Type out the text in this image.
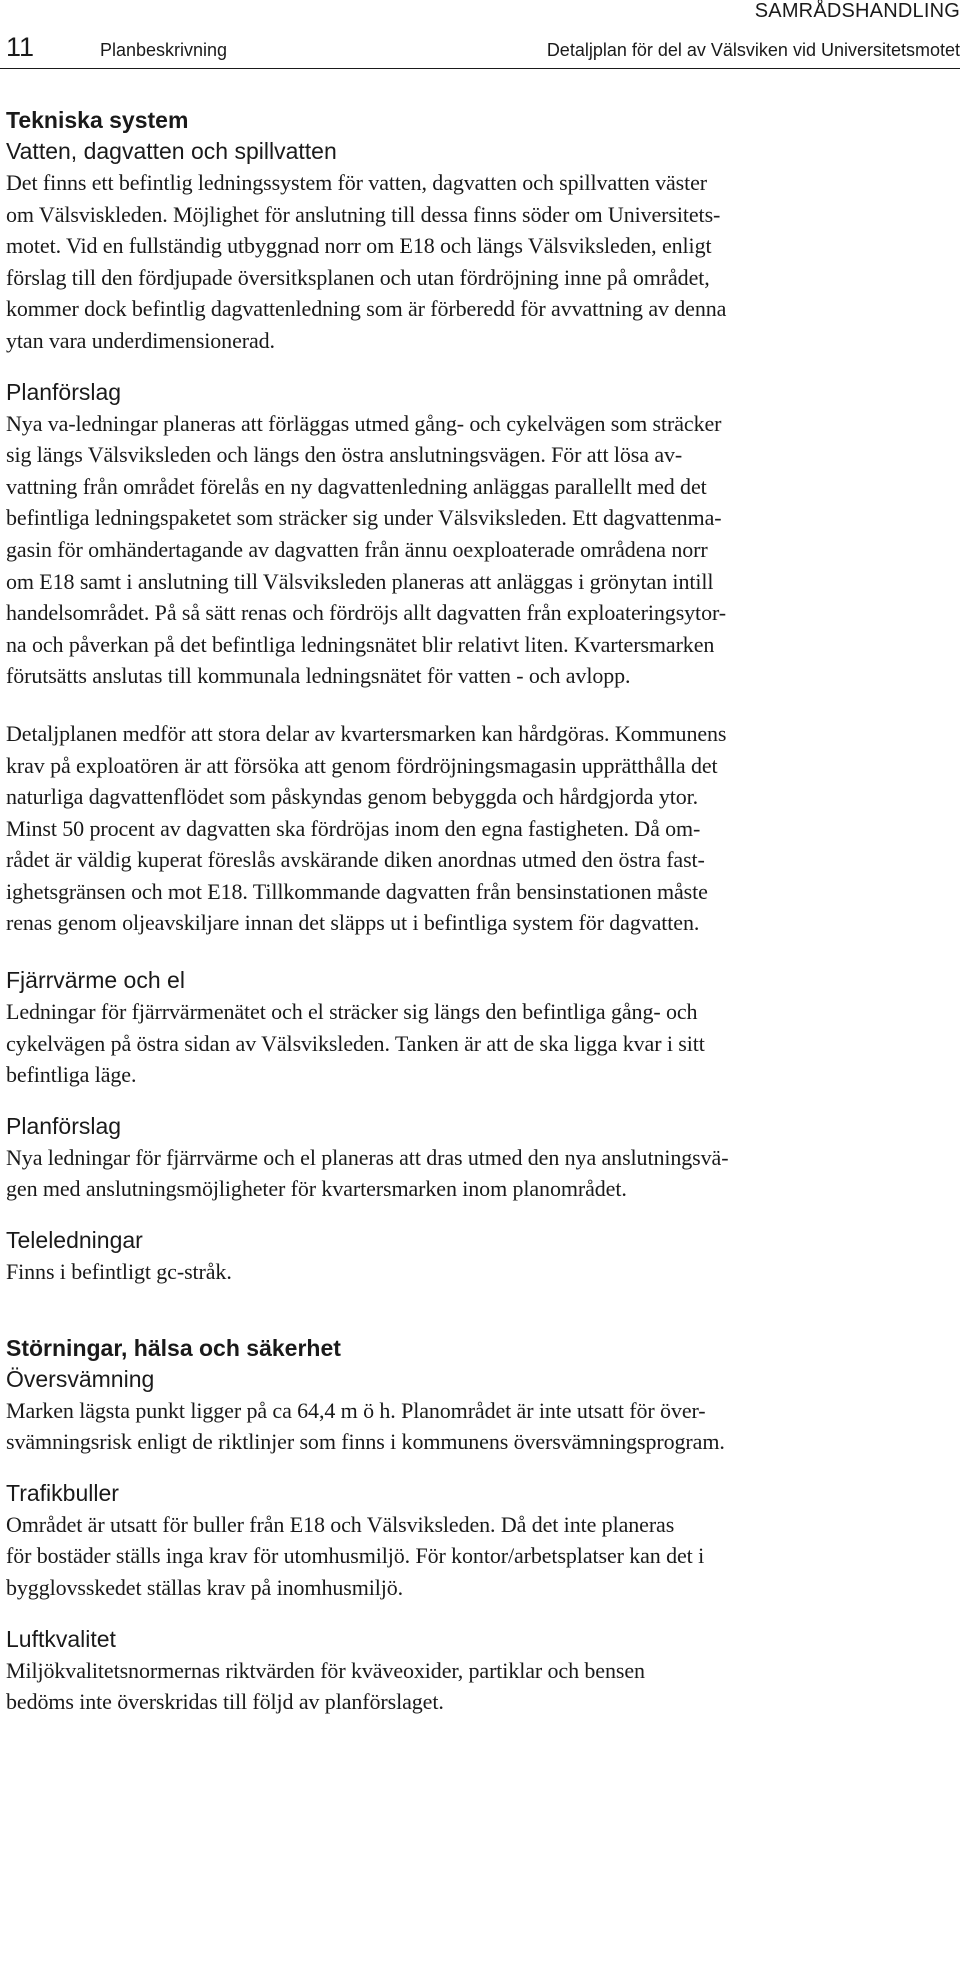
SAMRÅDSHANDLING
11	Planbeskrivning	Detaljplan för del av Välsviken vid Universitetsmotet
Tekniska system
Vatten, dagvatten och spillvatten
Det finns ett befintlig ledningssystem för vatten, dagvatten och spillvatten väster
om Välsviskleden. Möjlighet för anslutning till dessa finns söder om Universitets-
motet. Vid en fullständig utbyggnad norr om E18 och längs Välsviksleden, enligt
förslag till den fördjupade översitksplanen och utan fördröjning inne på området,
kommer dock befintlig dagvattenledning som är förberedd för avvattning av denna
ytan vara underdimensionerad.
Planförslag
Nya va-ledningar planeras att förläggas utmed gång- och cykelvägen som sträcker
sig längs Välsviksleden och längs den östra anslutningsvägen. För att lösa av-
vattning från området förelås en ny dagvattenledning anläggas parallellt med det
befintliga ledningspaketet som sträcker sig under Välsviksleden. Ett dagvattenma-
gasin för omhändertagande av dagvatten från ännu oexploaterade områdena norr
om E18 samt i anslutning till Välsviksleden planeras att anläggas i grönytan intill
handelsområdet. På så sätt renas och fördröjs allt dagvatten från exploateringsytor-
na och påverkan på det befintliga ledningsnätet blir relativt liten. Kvartersmarken
förutsätts anslutas till kommunala ledningsnätet för vatten - och avlopp.
Detaljplanen medför att stora delar av kvartersmarken kan hårdgöras. Kommunens
krav på exploatören är att försöka att genom fördröjningsmagasin upprätthålla det
naturliga dagvattenflödet som påskyndas genom bebyggda och hårdgjorda ytor.
Minst 50 procent av dagvatten ska fördröjas inom den egna fastigheten. Då om-
rådet är väldig kuperat föreslås avskärande diken anordnas utmed den östra fast-
ighetsgränsen och mot E18. Tillkommande dagvatten från bensinstationen måste
renas genom oljeavskiljare innan det släpps ut i befintliga system för dagvatten.
Fjärrvärme och el
Ledningar för fjärrvärmenätet och el sträcker sig längs den befintliga gång- och
cykelvägen på östra sidan av Välsviksleden. Tanken är att de ska ligga kvar i sitt
befintliga läge.
Planförslag
Nya ledningar för fjärrvärme och el planeras att dras utmed den nya anslutningsvä-
gen med anslutningsmöjligheter för kvartersmarken inom planområdet.
Teleledningar
Finns i befintligt gc-stråk.
Störningar, hälsa och säkerhet
Översvämning
Marken lägsta punkt ligger på ca 64,4 m ö h. Planområdet är inte utsatt för över-
svämningsrisk enligt de riktlinjer som finns i kommunens översvämningsprogram.
Trafikbuller
Området är utsatt för buller från E18 och Välsviksleden. Då det inte planeras
för bostäder ställs inga krav för utomhusmiljö. För kontor/arbetsplatser kan det i
bygglovsskedet ställas krav på inomhusmiljö.
Luftkvalitet
Miljökvalitetsnormernas riktvärden för kväveoxider, partiklar och bensen
bedöms inte överskridas till följd av planförslaget.
